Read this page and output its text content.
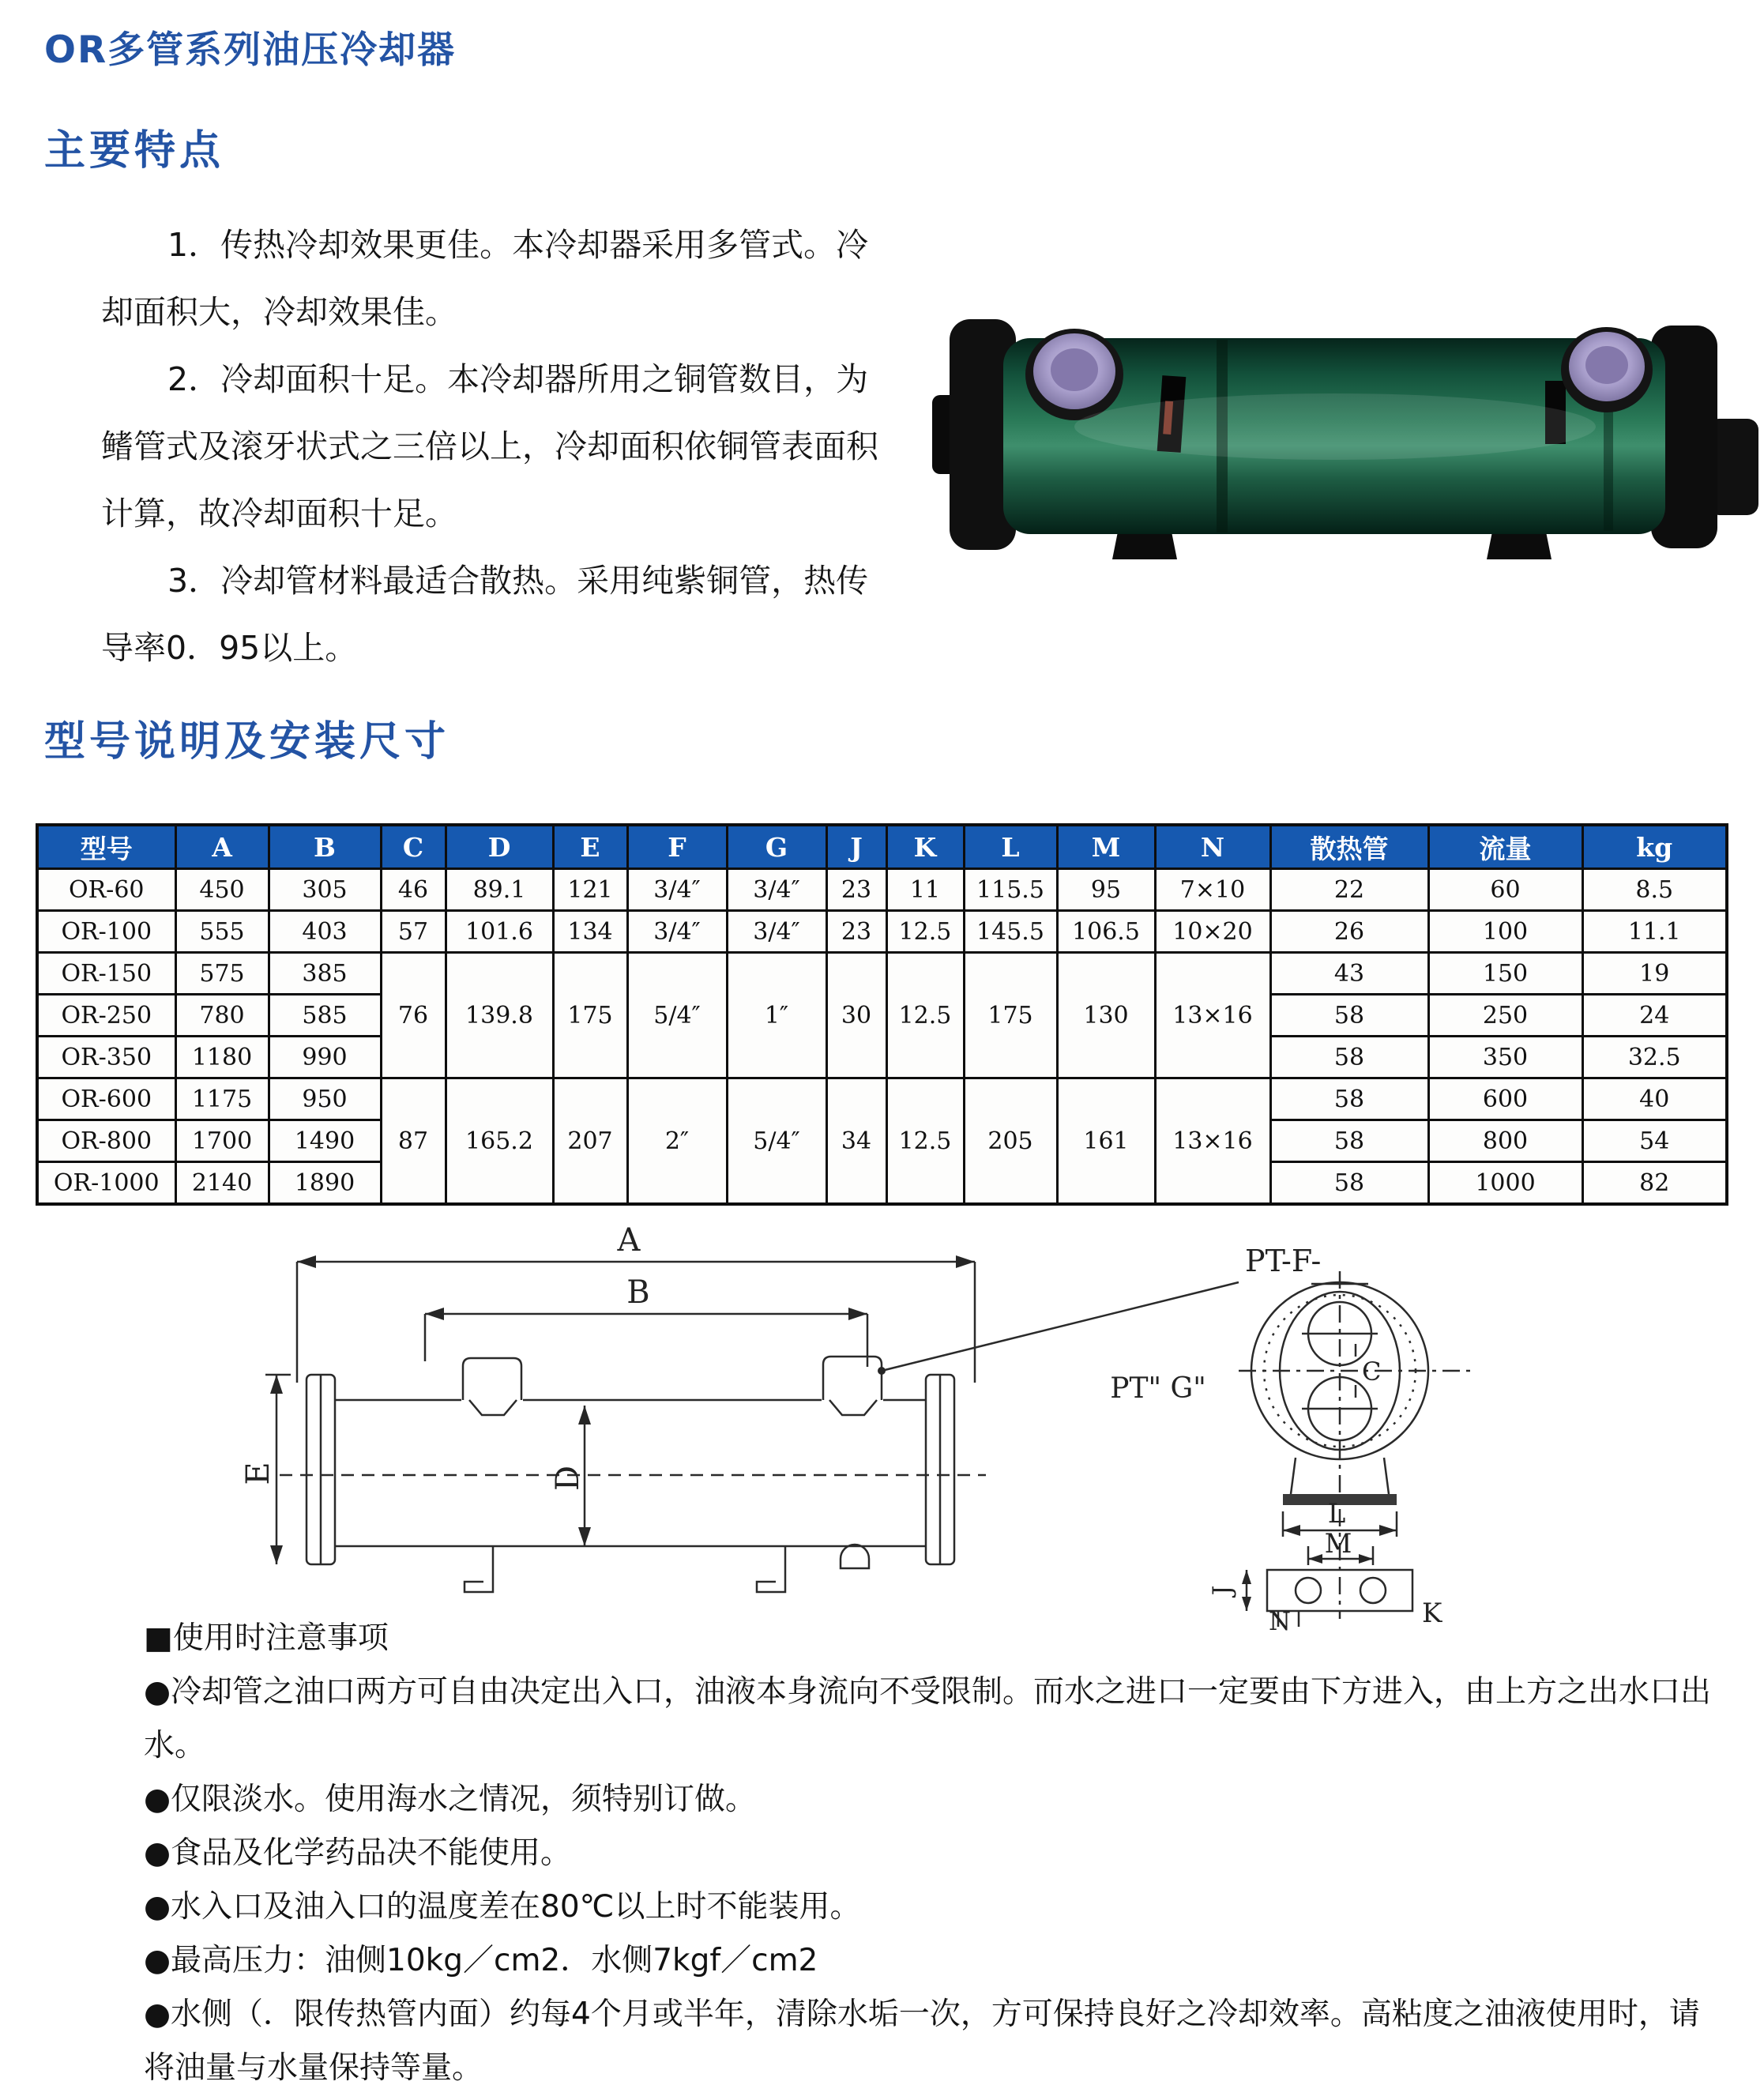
OR多管系列油压冷却器
主要特点

1．传热冷却效果更佳。本冷却器采用多管式。冷却面积大，冷却效果佳。

2．冷却面积十足。本冷却器所用之铜管数目，为鳍管式及滚牙状式之三倍以上，冷却面积依铜管表面积计算，故冷却面积十足。

3．冷却管材料最适合散热。采用纯紫铜管，热传导率0．95以上。

型号说明及安装尺寸
型号	A	B	C	D	E	F	G	J	K	L	M	N	散热管	流量	kg
OR-60	450	305	46	89.1	121	3/4″	3/4″	23	11	115.5	95	7×10	22	60	8.5
OR-100	555	403	57	101.6	134	3/4″	3/4″	23	12.5	145.5	106.5	10×20	26	100	11.1
OR-150	575	385	76	139.8	175	5/4″	1″	30	12.5	175	130	13×16	43	150	19
OR-250	780	585											58	250	24
OR-350	1180	990											58	350	32.5
OR-600	1175	950	87	165.2	207	2″	5/4″	34	12.5	205	161	13×16	58	600	40
OR-800	1700	1490											58	800	54
OR-1000	2140	1890											58	1000	82
A
B
D
E
PT-F-
PT" G"
C
L
M
J
K
N
■使用时注意事项
●冷却管之油口两方可自由决定出入口，油液本身流向不受限制。而水之进口一定要由下方进入，由上方之出水口出水。
●仅限淡水。使用海水之情况，须特别订做。
●食品及化学药品决不能使用。
●水入口及油入口的温度差在80℃以上时不能装用。
●最高压力：油侧10kg／cm2．水侧7kgf／cm2
●水侧（．限传热管内面）约每4个月或半年，清除水垢一次，方可保持良好之冷却效率。高粘度之油液使用时，请将油量与水量保持等量。
